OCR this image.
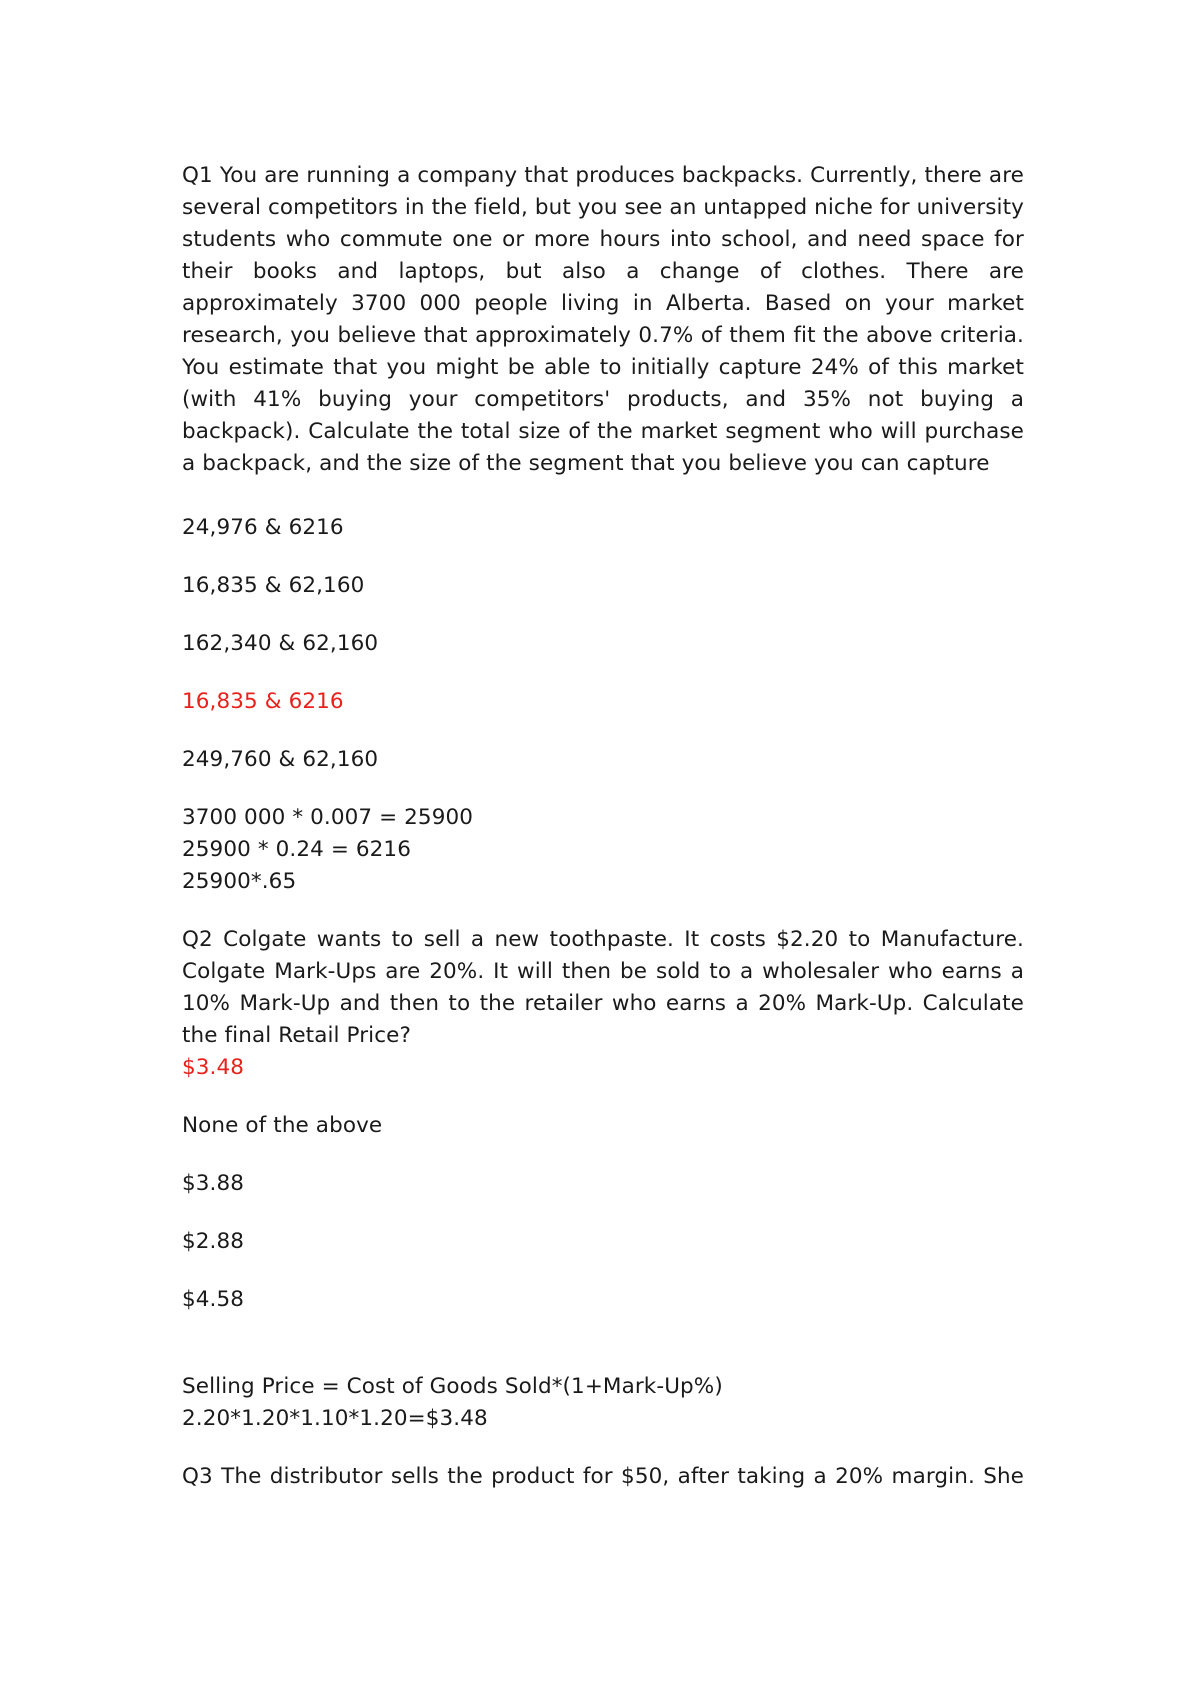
Q1 You are running a company that produces backpacks. Currently, there are several competitors in the field, but you see an untapped niche for university students who commute one or more hours into school, and need space for their books and laptops, but also a change of clothes. There are approximately 3700 000 people living in Alberta. Based on your market research, you believe that approximately 0.7% of them fit the above criteria. You estimate that you might be able to initially capture 24% of this market (with 41% buying your competitors' products, and 35% not buying a backpack). Calculate the total size of the market segment who will purchase a backpack, and the size of the segment that you believe you can capture

24,976 & 6216

16,835 & 62,160

162,340 & 62,160

16,835 & 6216

249,760 & 62,160

3700 000 * 0.007 = 25900

25900 * 0.24 = 6216

25900*.65

Q2 Colgate wants to sell a new toothpaste. It costs $2.20 to Manufacture. Colgate Mark-Ups are 20%. It will then be sold to a wholesaler who earns a 10% Mark-Up and then to the retailer who earns a 20% Mark-Up. Calculate the final Retail Price?

$3.48

None of the above

$3.88

$2.88

$4.58

Selling Price = Cost of Goods Sold*(1+Mark-Up%)

2.20*1.20*1.10*1.20=$3.48

Q3 The distributor sells the product for $50, after taking a 20% margin. She
